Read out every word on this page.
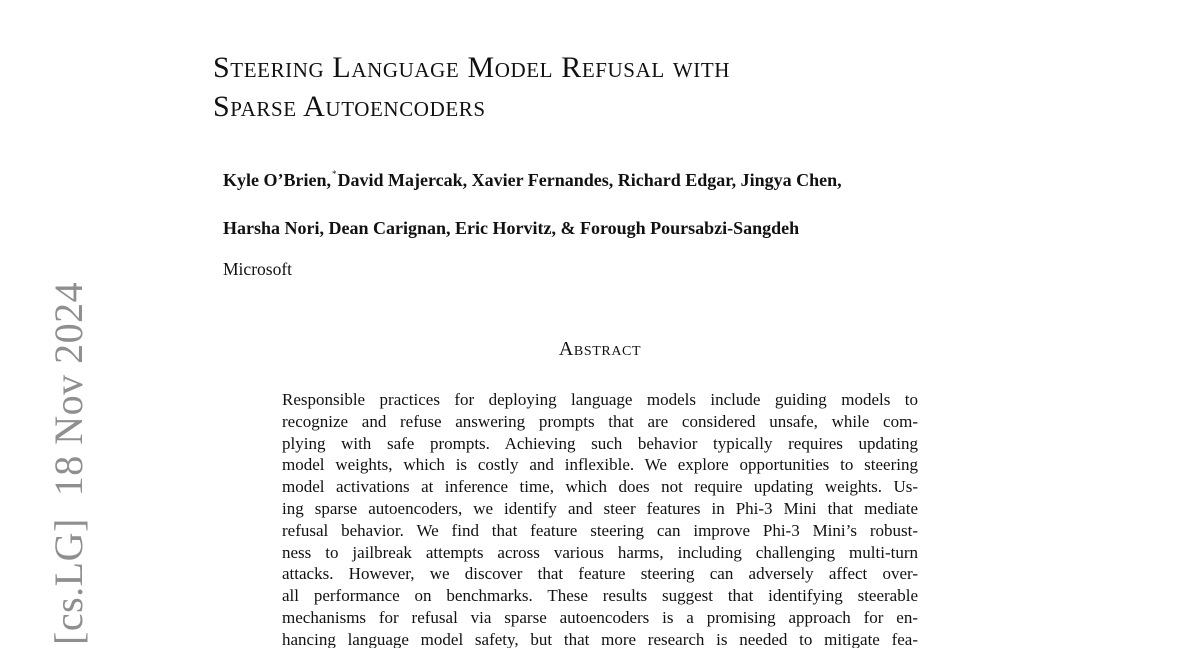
[cs.LG]18 Nov 2024
Steering Language Model Refusal with
Sparse Autoencoders
Kyle O’Brien,*David Majercak, Xavier Fernandes, Richard Edgar, Jingya Chen,
Harsha Nori, Dean Carignan, Eric Horvitz, & Forough Poursabzi-Sangdeh
Microsoft
Abstract
Responsible practices for deploying language models include guiding models to
recognize and refuse answering prompts that are considered unsafe, while com-
plying with safe prompts. Achieving such behavior typically requires updating
model weights, which is costly and inflexible. We explore opportunities to steering
model activations at inference time, which does not require updating weights. Us-
ing sparse autoencoders, we identify and steer features in Phi-3 Mini that mediate
refusal behavior. We find that feature steering can improve Phi-3 Mini’s robust-
ness to jailbreak attempts across various harms, including challenging multi-turn
attacks. However, we discover that feature steering can adversely affect over-
all performance on benchmarks. These results suggest that identifying steerable
mechanisms for refusal via sparse autoencoders is a promising approach for en-
hancing language model safety, but that more research is needed to mitigate fea-
